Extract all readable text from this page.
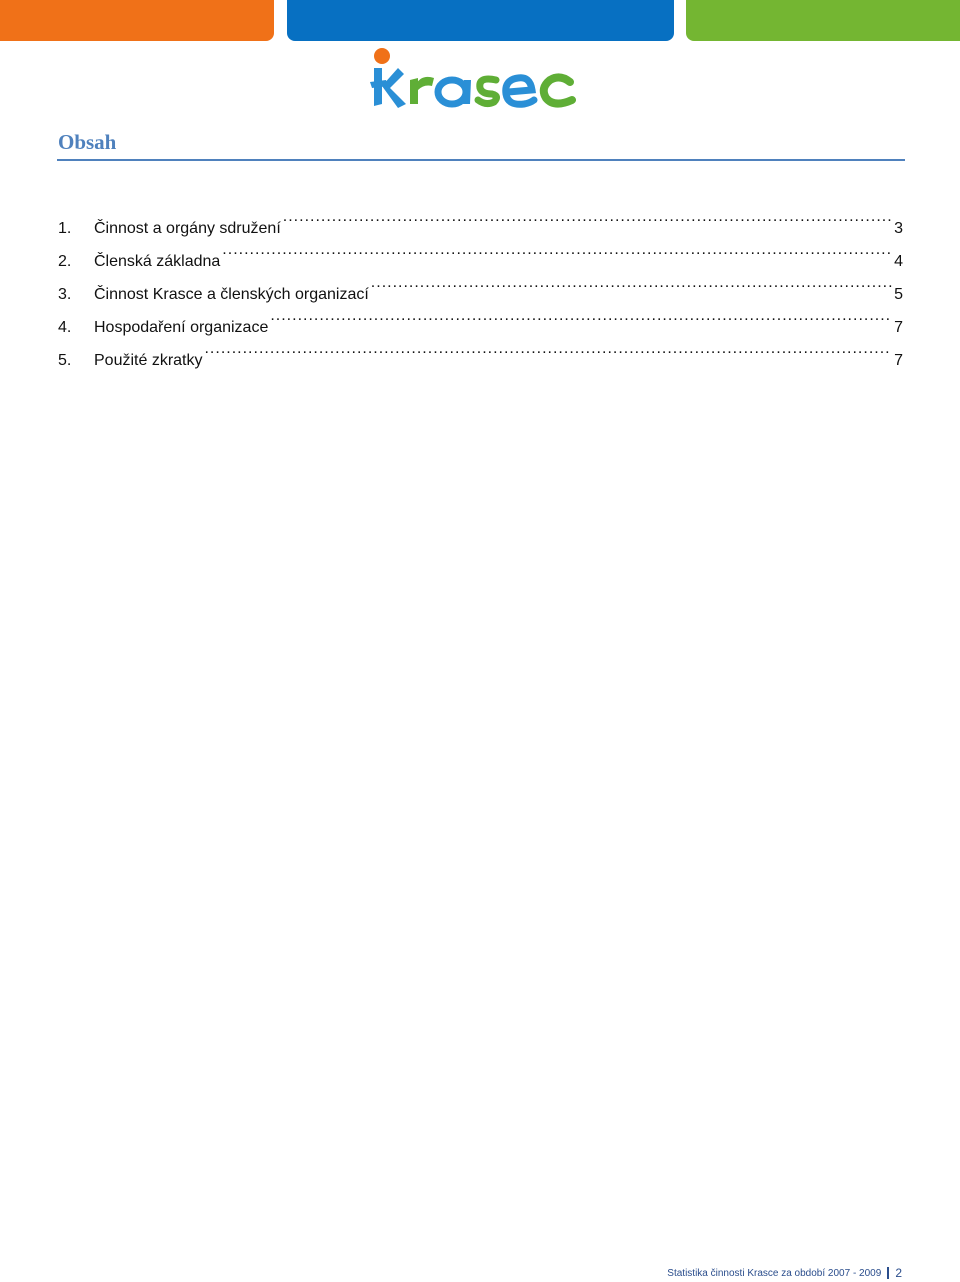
Obsah
1.	Činnost a orgány sdružení .....	3
2.	Členská základna .....	4
3.	Činnost Krasce a členských organizací .....	5
4.	Hospodaření organizace .....	7
5.	Použité zkratky .....	7
Statistika činnosti Krasce za období 2007 - 2009 2
